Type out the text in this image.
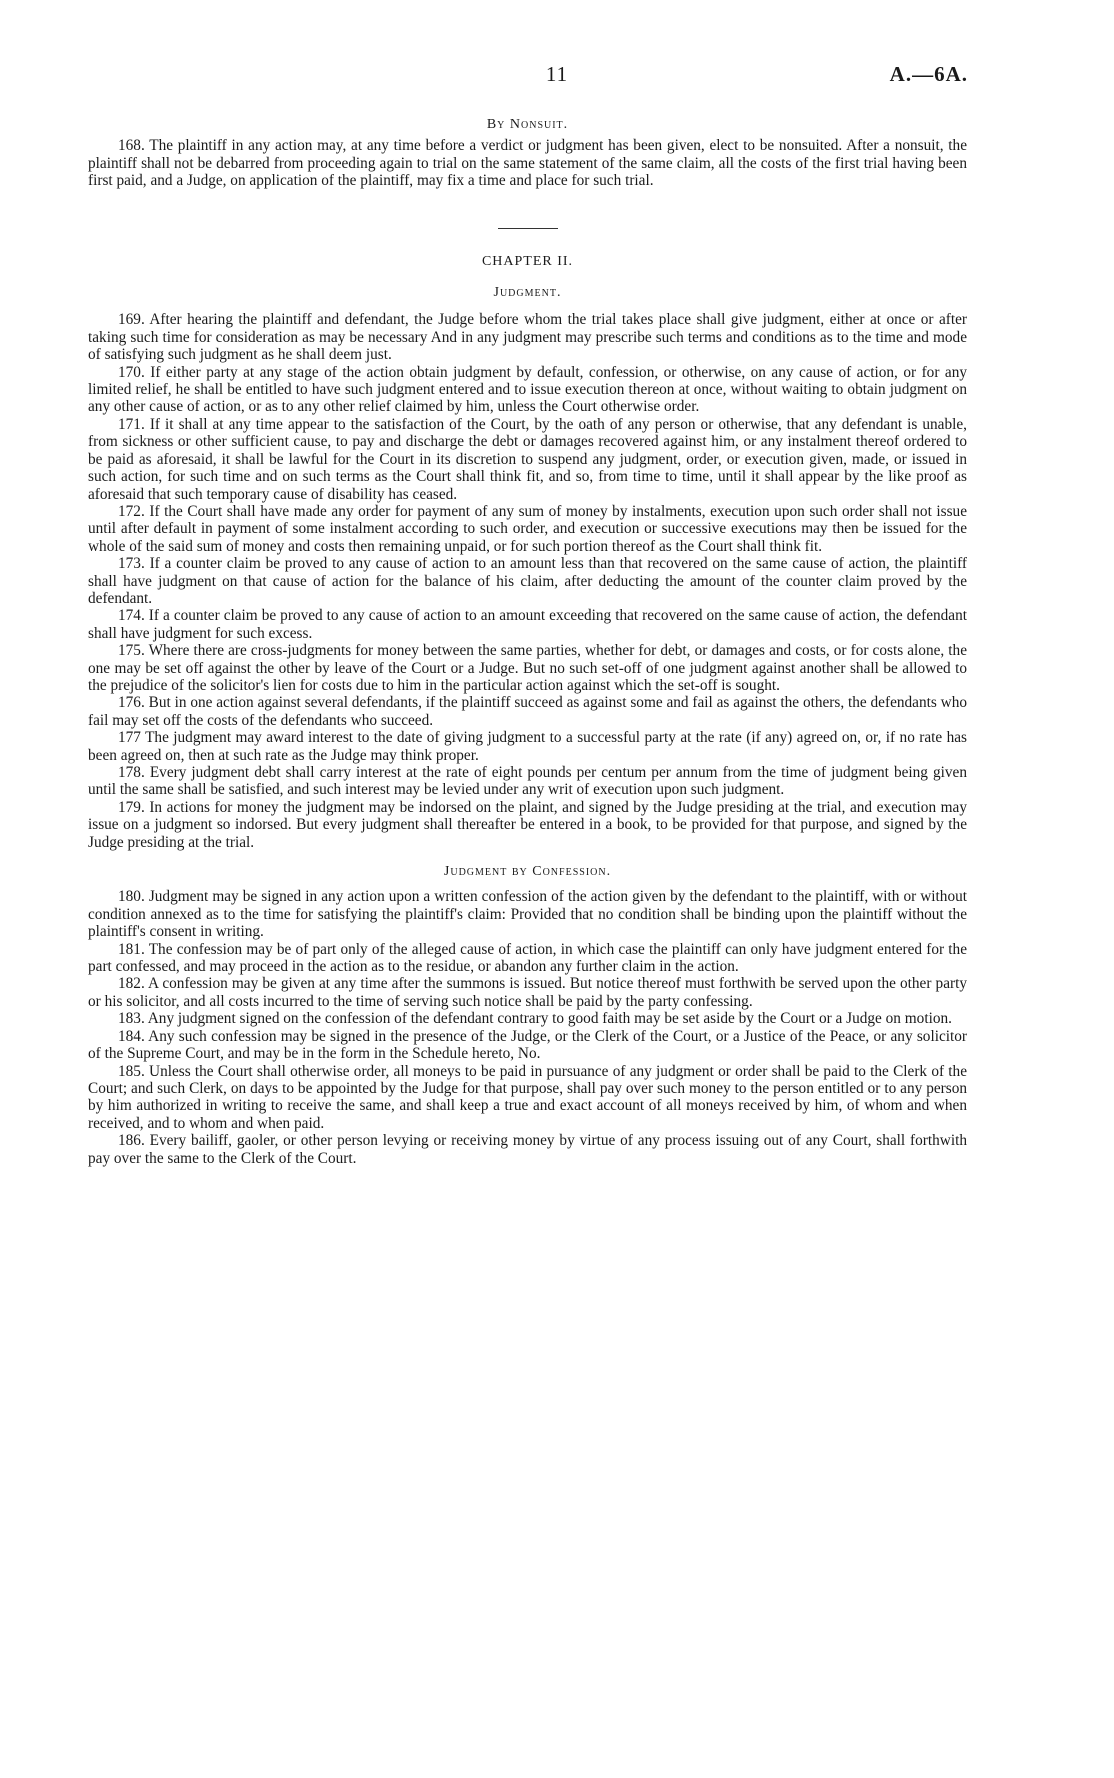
11	A.—6A.

By Nonsuit.

168. The plaintiff in any action may, at any time before a verdict or judgment has been given, elect to be nonsuited. After a nonsuit, the plaintiff shall not be debarred from proceeding again to trial on the same statement of the same claim, all the costs of the first trial having been first paid, and a Judge, on application of the plaintiff, may fix a time and place for such trial.

CHAPTER II.

Judgment.

169. After hearing the plaintiff and defendant, the Judge before whom the trial takes place shall give judgment, either at once or after taking such time for consideration as may be necessary And in any judgment may prescribe such terms and conditions as to the time and mode of satisfying such judgment as he shall deem just.

170. If either party at any stage of the action obtain judgment by default, confession, or otherwise, on any cause of action, or for any limited relief, he shall be entitled to have such judgment entered and to issue execution thereon at once, without waiting to obtain judgment on any other cause of action, or as to any other relief claimed by him, unless the Court otherwise order.

171. If it shall at any time appear to the satisfaction of the Court, by the oath of any person or otherwise, that any defendant is unable, from sickness or other sufficient cause, to pay and discharge the debt or damages recovered against him, or any instalment thereof ordered to be paid as aforesaid, it shall be lawful for the Court in its discretion to suspend any judgment, order, or execution given, made, or issued in such action, for such time and on such terms as the Court shall think fit, and so, from time to time, until it shall appear by the like proof as aforesaid that such temporary cause of disability has ceased.

172. If the Court shall have made any order for payment of any sum of money by instalments, execution upon such order shall not issue until after default in payment of some instalment according to such order, and execution or successive executions may then be issued for the whole of the said sum of money and costs then remaining unpaid, or for such portion thereof as the Court shall think fit.

173. If a counter claim be proved to any cause of action to an amount less than that recovered on the same cause of action, the plaintiff shall have judgment on that cause of action for the balance of his claim, after deducting the amount of the counter claim proved by the defendant.

174. If a counter claim be proved to any cause of action to an amount exceeding that recovered on the same cause of action, the defendant shall have judgment for such excess.

175. Where there are cross-judgments for money between the same parties, whether for debt, or damages and costs, or for costs alone, the one may be set off against the other by leave of the Court or a Judge. But no such set-off of one judgment against another shall be allowed to the prejudice of the solicitor's lien for costs due to him in the particular action against which the set-off is sought.

176. But in one action against several defendants, if the plaintiff succeed as against some and fail as against the others, the defendants who fail may set off the costs of the defendants who succeed.

177 The judgment may award interest to the date of giving judgment to a successful party at the rate (if any) agreed on, or, if no rate has been agreed on, then at such rate as the Judge may think proper.

178. Every judgment debt shall carry interest at the rate of eight pounds per centum per annum from the time of judgment being given until the same shall be satisfied, and such interest may be levied under any writ of execution upon such judgment.

179. In actions for money the judgment may be indorsed on the plaint, and signed by the Judge presiding at the trial, and execution may issue on a judgment so indorsed. But every judgment shall thereafter be entered in a book, to be provided for that purpose, and signed by the Judge presiding at the trial.

Judgment by Confession.

180. Judgment may be signed in any action upon a written confession of the action given by the defendant to the plaintiff, with or without condition annexed as to the time for satisfying the plaintiff's claim: Provided that no condition shall be binding upon the plaintiff without the plaintiff's consent in writing.

181. The confession may be of part only of the alleged cause of action, in which case the plaintiff can only have judgment entered for the part confessed, and may proceed in the action as to the residue, or abandon any further claim in the action.

182. A confession may be given at any time after the summons is issued. But notice thereof must forthwith be served upon the other party or his solicitor, and all costs incurred to the time of serving such notice shall be paid by the party confessing.

183. Any judgment signed on the confession of the defendant contrary to good faith may be set aside by the Court or a Judge on motion.

184. Any such confession may be signed in the presence of the Judge, or the Clerk of the Court, or a Justice of the Peace, or any solicitor of the Supreme Court, and may be in the form in the Schedule hereto, No.

185. Unless the Court shall otherwise order, all moneys to be paid in pursuance of any judgment or order shall be paid to the Clerk of the Court; and such Clerk, on days to be appointed by the Judge for that purpose, shall pay over such money to the person entitled or to any person by him authorized in writing to receive the same, and shall keep a true and exact account of all moneys received by him, of whom and when received, and to whom and when paid.

186. Every bailiff, gaoler, or other person levying or receiving money by virtue of any process issuing out of any Court, shall forthwith pay over the same to the Clerk of the Court.
